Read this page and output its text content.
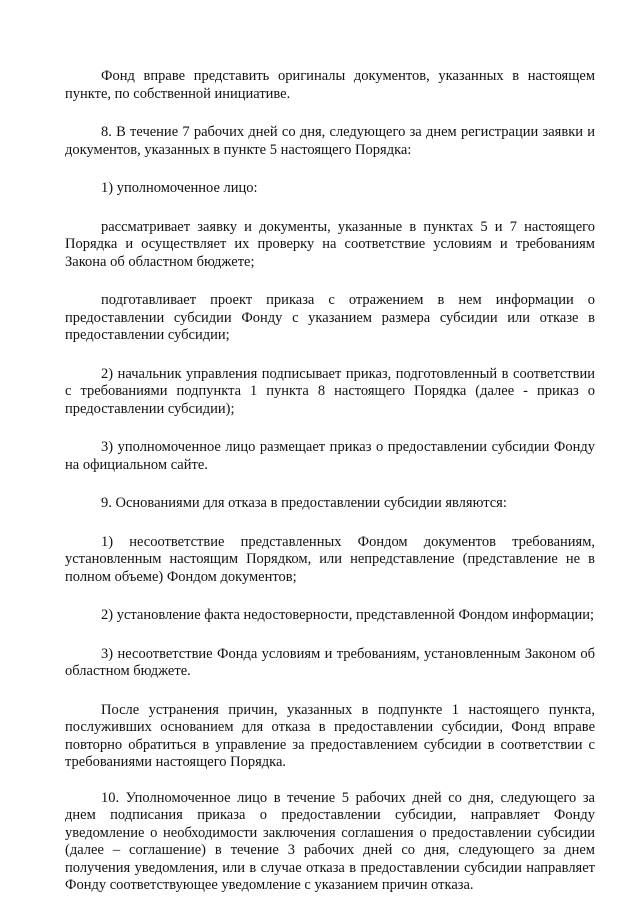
Фонд вправе представить оригиналы документов, указанных в настоящем пункте, по собственной инициативе.

8. В течение 7 рабочих дней со дня, следующего за днем регистрации заявки и документов, указанных в пункте 5 настоящего Порядка:

1) уполномоченное лицо:

рассматривает заявку и документы, указанные в пунктах 5 и 7 настоящего Порядка и осуществляет их проверку на соответствие условиям и требованиям Закона об областном бюджете;

подготавливает проект приказа с отражением в нем информации о предоставлении субсидии Фонду с указанием размера субсидии или отказе в предоставлении субсидии;

2) начальник управления подписывает приказ, подготовленный в соответствии с требованиями подпункта 1 пункта 8 настоящего Порядка (далее - приказ о предоставлении субсидии);

3) уполномоченное лицо размещает приказ о предоставлении субсидии Фонду на официальном сайте.

9. Основаниями для отказа в предоставлении субсидии являются:

1) несоответствие представленных Фондом документов требованиям, установленным настоящим Порядком, или непредставление (представление не в полном объеме) Фондом документов;

2) установление факта недостоверности, представленной Фондом информации;

3) несоответствие Фонда условиям и требованиям, установленным Законом об областном бюджете.

После устранения причин, указанных в подпункте 1 настоящего пункта, послуживших основанием для отказа в предоставлении субсидии, Фонд вправе повторно обратиться в управление за предоставлением субсидии в соответствии с требованиями настоящего Порядка.

10. Уполномоченное лицо в течение 5 рабочих дней со дня, следующего за днем подписания приказа о предоставлении субсидии, направляет Фонду уведомление о необходимости заключения соглашения о предоставлении субсидии (далее – соглашение) в течение 3 рабочих дней со дня, следующего за днем получения уведомления, или в случае отказа в предоставлении субсидии направляет Фонду соответствующее уведомление с указанием причин отказа.
